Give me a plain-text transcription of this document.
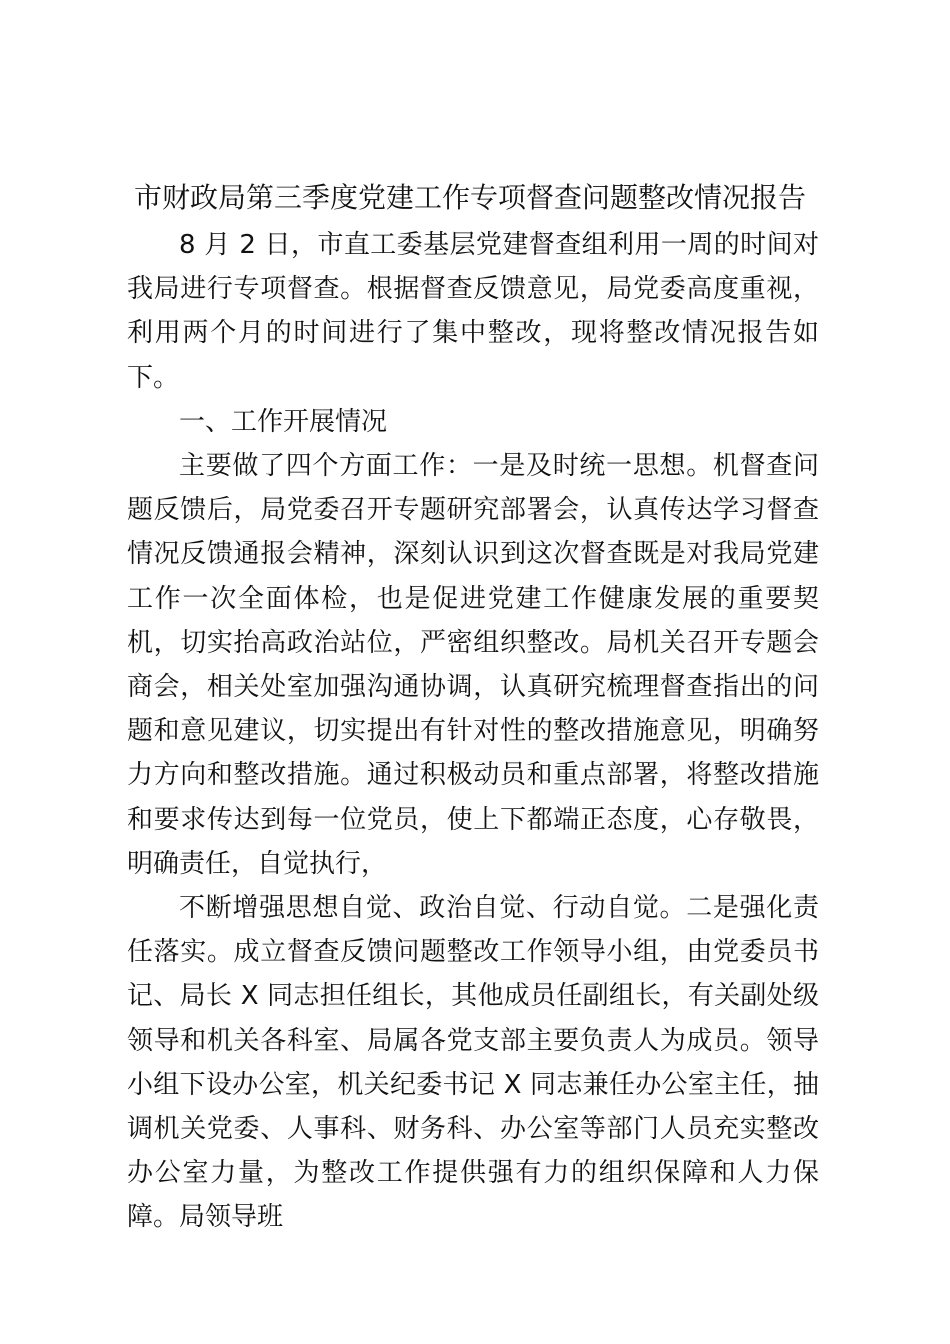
市财政局第三季度党建工作专项督查问题整改情况报告

8 月 2 日，市直工委基层党建督查组利用一周的时间对我局进行专项督查。根据督查反馈意见，局党委高度重视，利用两个月的时间进行了集中整改，现将整改情况报告如下。

一、工作开展情况

主要做了四个方面工作：一是及时统一思想。机督查问题反馈后，局党委召开专题研究部署会，认真传达学习督查情况反馈通报会精神，深刻认识到这次督查既是对我局党建工作一次全面体检，也是促进党建工作健康发展的重要契机，切实抬高政治站位，严密组织整改。局机关召开专题会商会，相关处室加强沟通协调，认真研究梳理督查指出的问题和意见建议，切实提出有针对性的整改措施意见，明确努力方向和整改措施。通过积极动员和重点部署，将整改措施和要求传达到每一位党员，使上下都端正态度，心存敬畏，明确责任，自觉执行，

不断增强思想自觉、政治自觉、行动自觉。二是强化责任落实。成立督查反馈问题整改工作领导小组，由党委员书记、局长 X 同志担任组长，其他成员任副组长，有关副处级领导和机关各科室、局属各党支部主要负责人为成员。领导小组下设办公室，机关纪委书记 X 同志兼任办公室主任，抽调机关党委、人事科、财务科、办公室等部门人员充实整改办公室力量，为整改工作提供强有力的组织保障和人力保障。局领导班
